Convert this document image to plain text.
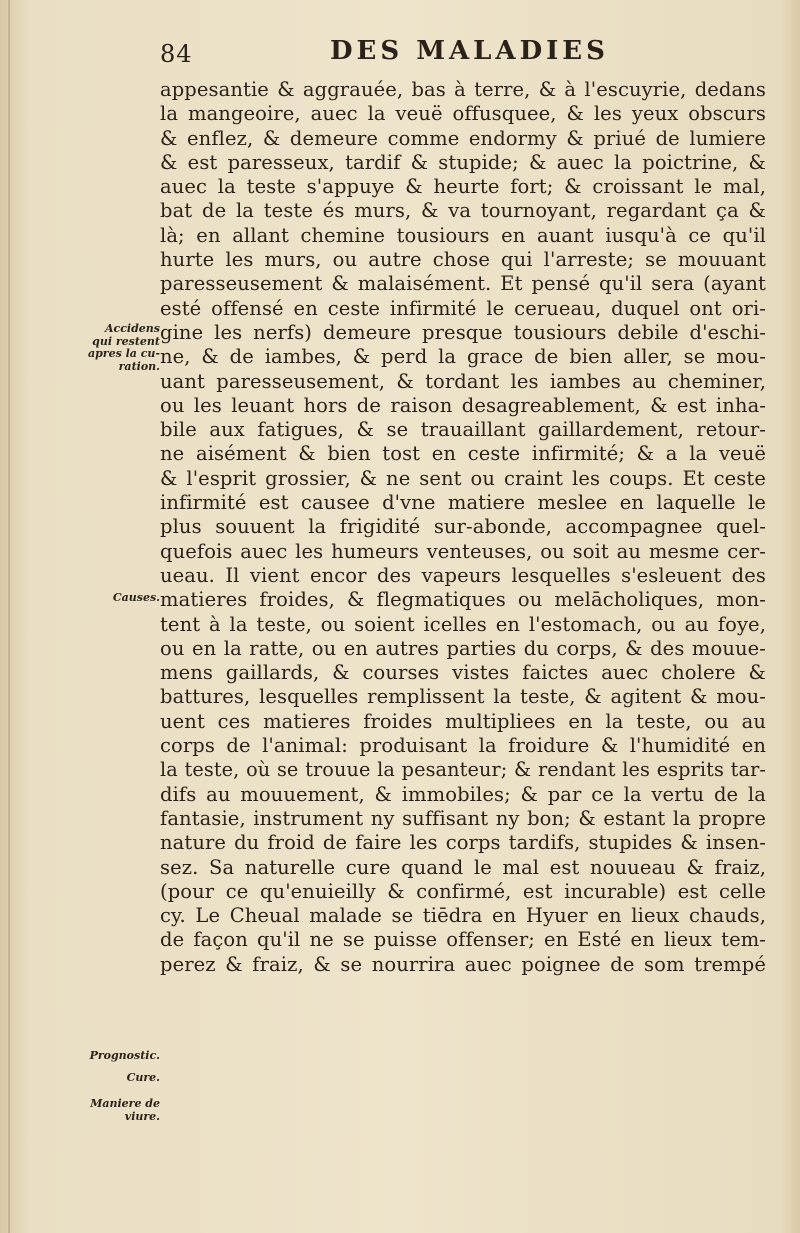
84	DES MALADIES
Accidens qui restent apres la cu-ration.
Causes.
Prognostic.
Cure.
Maniere de viure.
appesantie & aggrauée, bas à terre, & à l'escuyrie, dedans
la mangeoire, auec la veuë offusquee, & les yeux obscurs
& enflez, & demeure comme endormy & priué de lumiere
& est paresseux, tardif & stupide; & auec la poictrine, &
auec la teste s'appuye & heurte fort; & croissant le mal,
bat de la teste és murs, & va tournoyant, regardant ça &
là; en allant chemine tousiours en auant iusqu'à ce qu'il
hurte les murs, ou autre chose qui l'arreste; se mouuant
paresseusement & malaisément. Et pensé qu'il sera (ayant
esté offensé en ceste infirmité le cerueau, duquel ont ori-
gine les nerfs) demeure presque tousiours debile d'eschi-
ne, & de iambes, & perd la grace de bien aller, se mou-
uant paresseusement, & tordant les iambes au cheminer,
ou les leuant hors de raison desagreablement, & est inha-
bile aux fatigues, & se trauaillant gaillardement, retour-
ne aisément & bien tost en ceste infirmité; & a la veuë
& l'esprit grossier, & ne sent ou craint les coups. Et ceste
infirmité est causee d'vne matiere meslee en laquelle le
plus souuent la frigidité sur-abonde, accompagnee quel-
quefois auec les humeurs venteuses, ou soit au mesme cer-
ueau. Il vient encor des vapeurs lesquelles s'esleuent des
matieres froides, & flegmatiques ou melācholiques, mon-
tent à la teste, ou soient icelles en l'estomach, ou au foye,
ou en la ratte, ou en autres parties du corps, & des mouue-
mens gaillards, & courses vistes faictes auec cholere &
battures, lesquelles remplissent la teste, & agitent & mou-
uent ces matieres froides multipliees en la teste, ou au
corps de l'animal: produisant la froidure & l'humidité en
la teste, où se trouue la pesanteur; & rendant les esprits tar-
difs au mouuement, & immobiles; & par ce la vertu de la
fantasie, instrument ny suffisant ny bon; & estant la propre
nature du froid de faire les corps tardifs, stupides & insen-
sez. Sa naturelle cure quand le mal est nouueau & fraiz,
(pour ce qu'enuieilly & confirmé, est incurable) est celle
cy. Le Cheual malade se tiēdra en Hyuer en lieux chauds,
de façon qu'il ne se puisse offenser; en Esté en lieux tem-
perez & fraiz, & se nourrira auec poignee de som trempé
